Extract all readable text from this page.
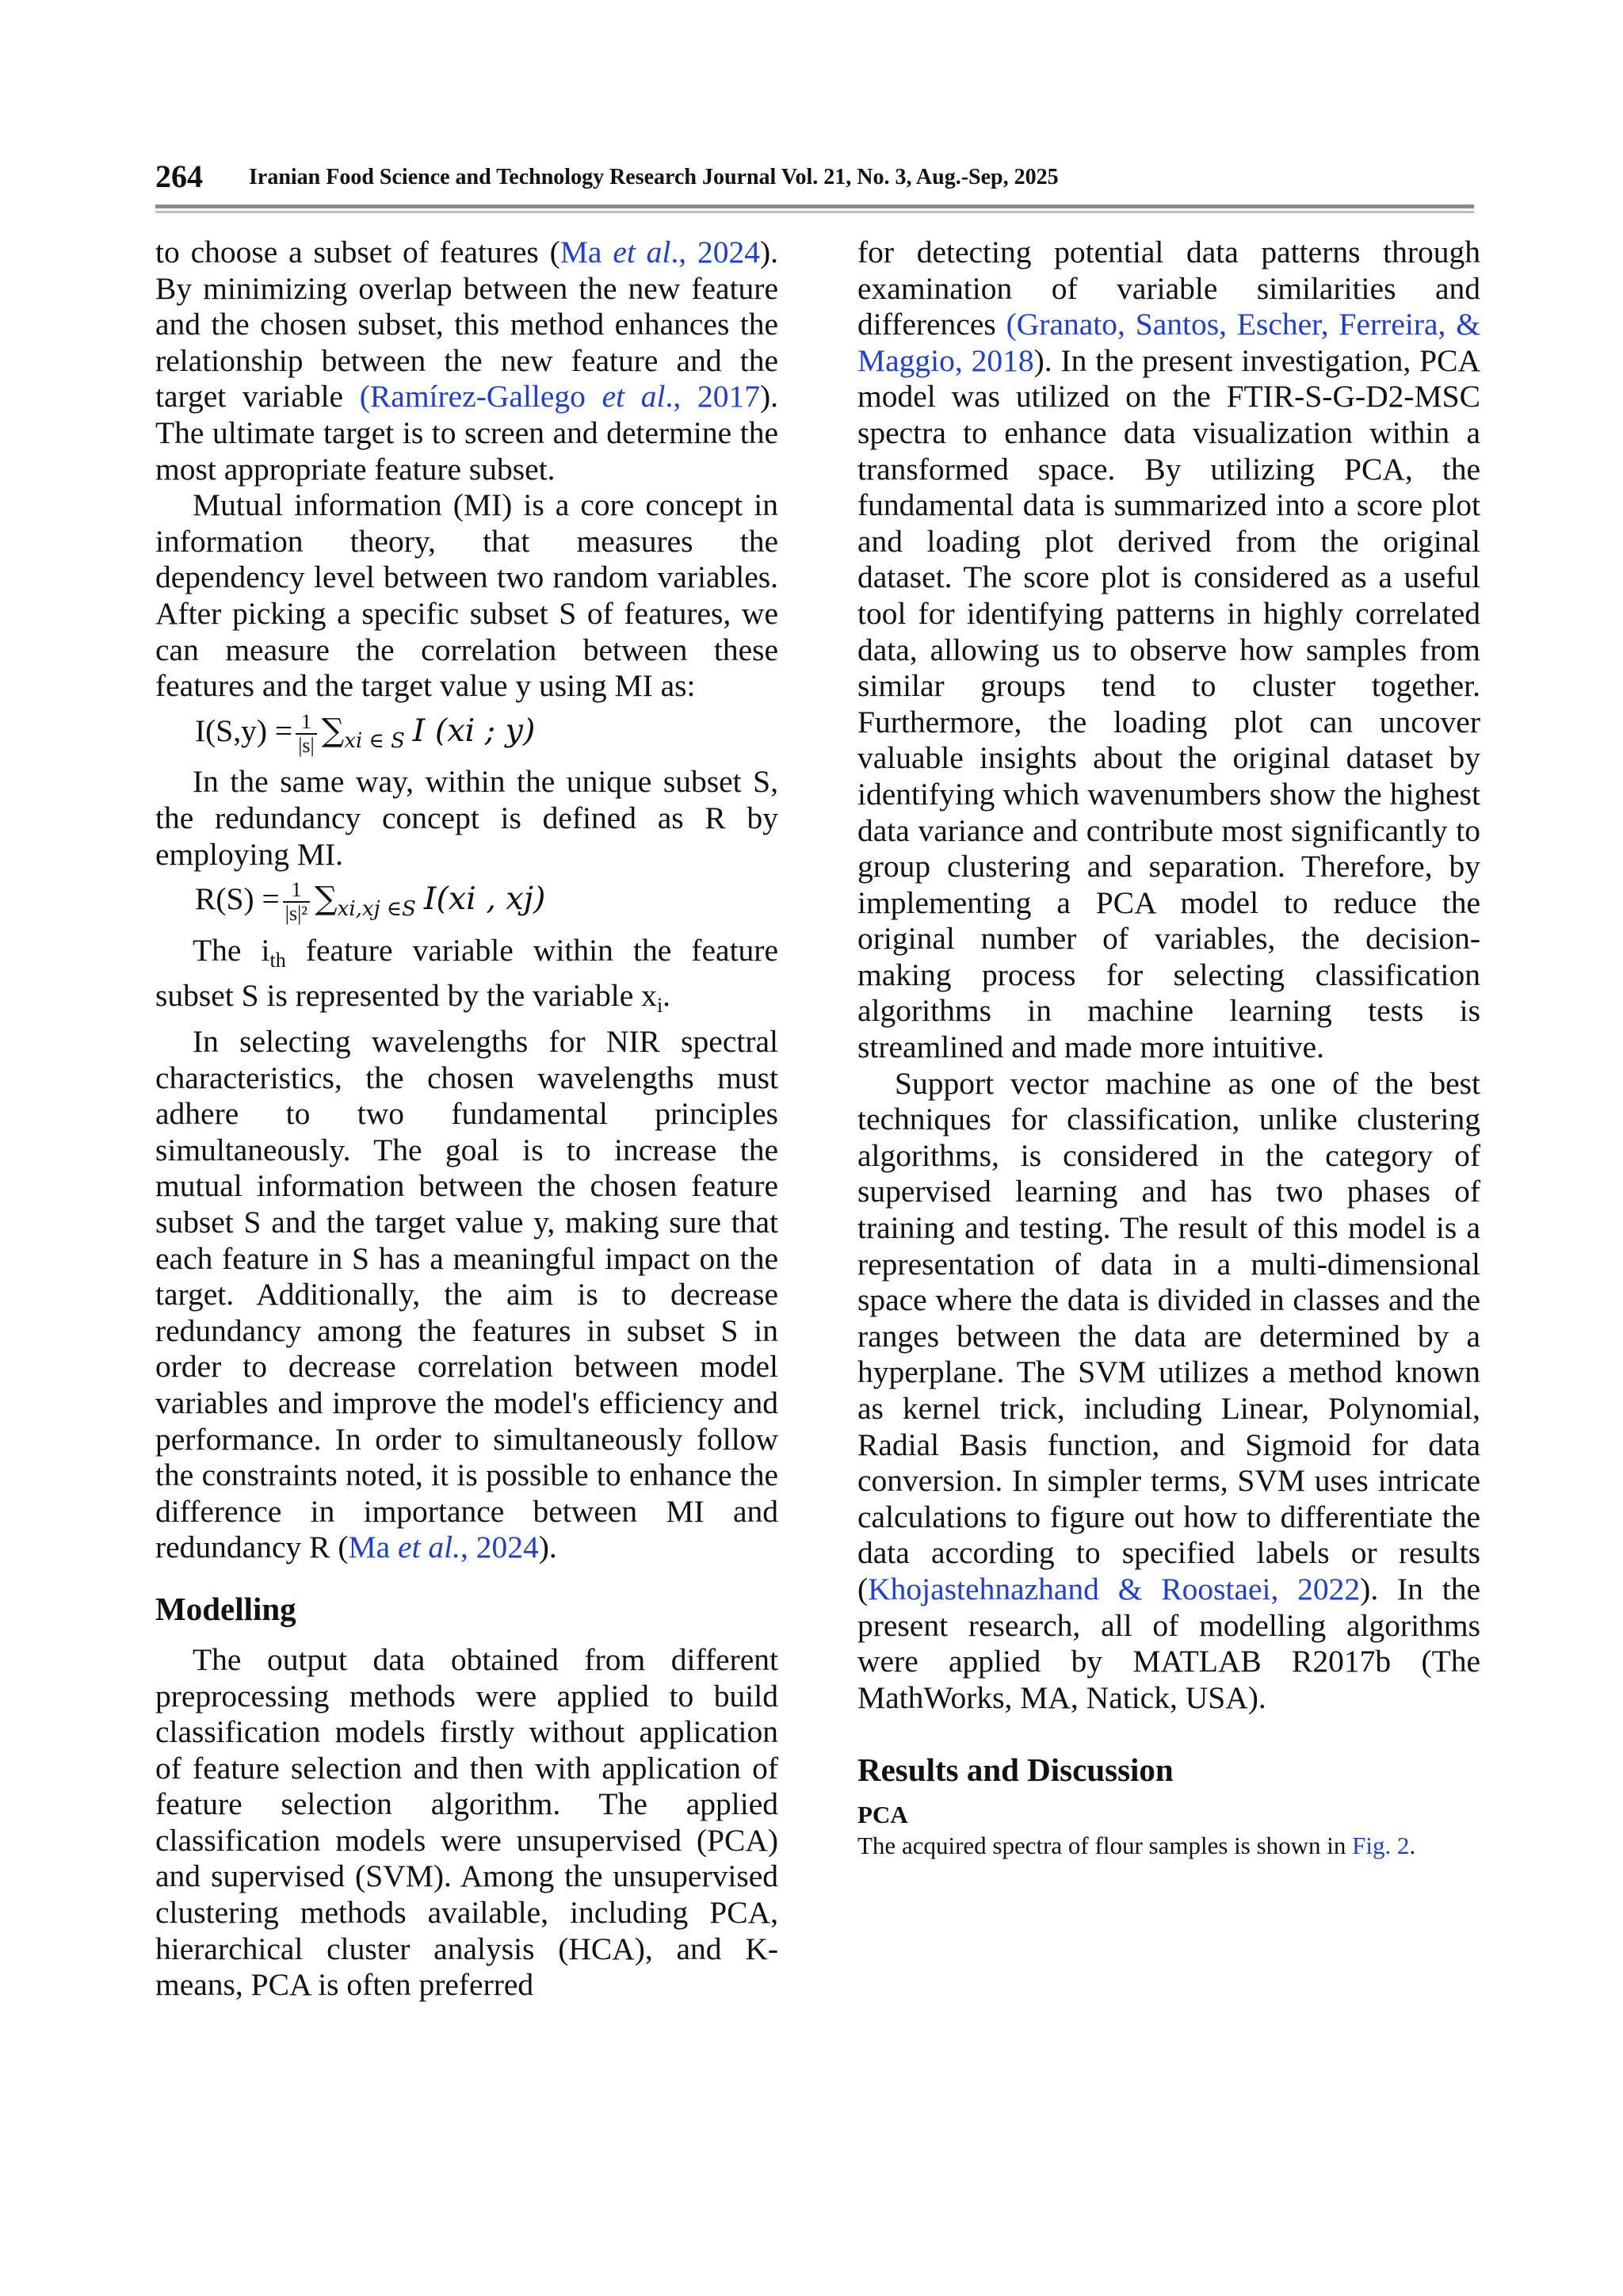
264 Iranian Food Science and Technology Research Journal Vol. 21, No. 3, Aug.-Sep, 2025

to choose a subset of features (Ma et al., 2024). By minimizing overlap between the new feature and the chosen subset, this method enhances the relationship between the new feature and the target variable (Ramírez-Gallego et al., 2017). The ultimate target is to screen and determine the most appropriate feature subset.

Mutual information (MI) is a core concept in information theory, that measures the dependency level between two random variables. After picking a specific subset S of features, we can measure the correlation between these features and the target value y using MI as:

$I(S,y) = \frac{1}{|s|} \sum_{xi \in S}$ I (xi ; y)

In the same way, within the unique subset S, the redundancy concept is defined as R by employing MI.

$R(S) = \frac{1}{\text{|s|²}} \sum_{xi,xj \in S}$ I(xi , xj)

The $i_{th}$ feature variable within the feature subset S is represented by the variable $x_i$.

In selecting wavelengths for NIR spectral characteristics, the chosen wavelengths must adhere to two fundamental principles simultaneously. The goal is to increase the mutual information between the chosen feature subset S and the target value y, making sure that each feature in S has a meaningful impact on the target. Additionally, the aim is to decrease redundancy among the features in subset S in order to decrease correlation between model variables and improve the model's efficiency and performance. In order to simultaneously follow the constraints noted, it is possible to enhance the difference in importance between MI and redundancy R (Ma et al., 2024).

Modelling

The output data obtained from different preprocessing methods were applied to build classification models firstly without application of feature selection and then with application of feature selection algorithm. The applied classification models were unsupervised (PCA) and supervised (SVM). Among the unsupervised clustering methods available, including PCA, hierarchical cluster analysis (HCA), and K-means, PCA is often preferred

for detecting potential data patterns through examination of variable similarities and differences (Granato, Santos, Escher, Ferreira, & Maggio, 2018). In the present investigation, PCA model was utilized on the FTIR-S-G-D2-MSC spectra to enhance data visualization within a transformed space. By utilizing PCA, the fundamental data is summarized into a score plot and loading plot derived from the original dataset. The score plot is considered as a useful tool for identifying patterns in highly correlated data, allowing us to observe how samples from similar groups tend to cluster together. Furthermore, the loading plot can uncover valuable insights about the original dataset by identifying which wavenumbers show the highest data variance and contribute most significantly to group clustering and separation. Therefore, by implementing a PCA model to reduce the original number of variables, the decision-making process for selecting classification algorithms in machine learning tests is streamlined and made more intuitive.

Support vector machine as one of the best techniques for classification, unlike clustering algorithms, is considered in the category of supervised learning and has two phases of training and testing. The result of this model is a representation of data in a multi-dimensional space where the data is divided in classes and the ranges between the data are determined by a hyperplane. The SVM utilizes a method known as kernel trick, including Linear, Polynomial, Radial Basis function, and Sigmoid for data conversion. In simpler terms, SVM uses intricate calculations to figure out how to differentiate the data according to specified labels or results (Khojastehnazhand & Roostaei, 2022). In the present research, all of modelling algorithms were applied by MATLAB R2017b (The MathWorks, MA, Natick, USA).

Results and Discussion
PCA

The acquired spectra of flour samples is shown in Fig. 2.
